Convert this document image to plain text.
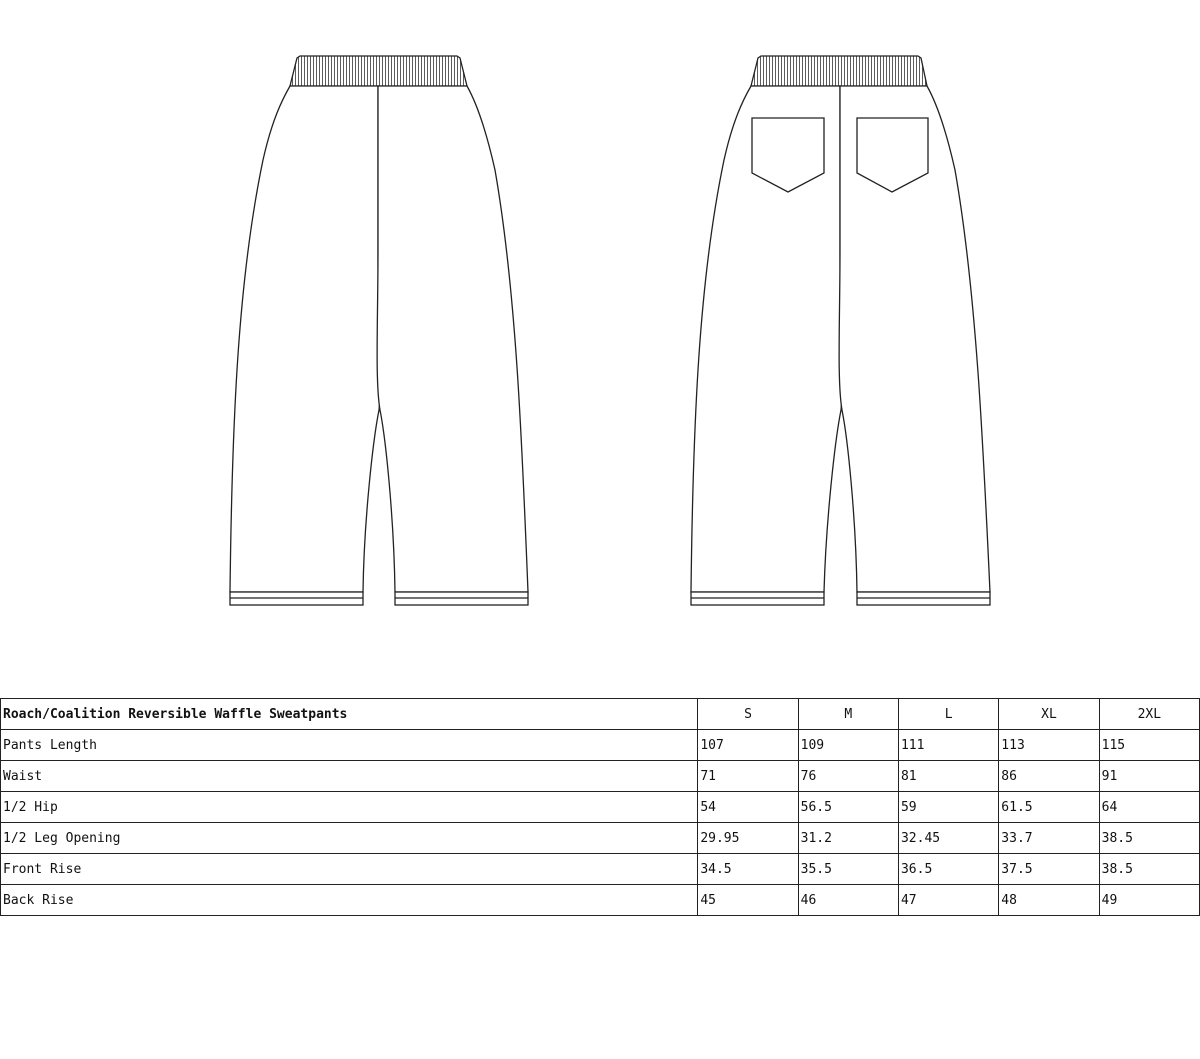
Roach/Coalition Reversible Waffle Sweatpants	S	M	L	XL	2XL
Pants Length	107	109	111	113	115
Waist	71	76	81	86	91
1/2 Hip	54	56.5	59	61.5	64
1/2 Leg Opening	29.95	31.2	32.45	33.7	38.5
Front Rise	34.5	35.5	36.5	37.5	38.5
Back Rise	45	46	47	48	49
